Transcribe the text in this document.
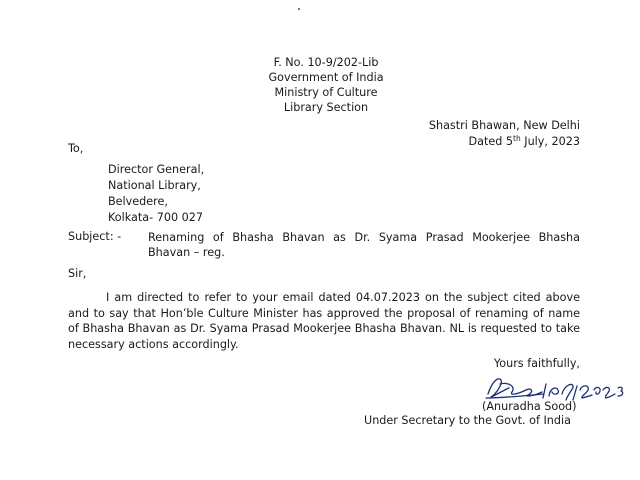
F. No. 10-9/202-Lib
Government of India
Ministry of Culture
Library Section
Shastri Bhawan, New Delhi
Dated 5th July, 2023
To,
Director General,
National Library,
Belvedere,
Kolkata- 700 027
Subject: - Renaming of Bhasha Bhavan as Dr. Syama Prasad Mookerjee Bhasha Bhavan – reg.
Sir,
I am directed to refer to your email dated 04.07.2023 on the subject cited above and to say that Hon’ble Culture Minister has approved the proposal of renaming of name of Bhasha Bhavan as Dr. Syama Prasad Mookerjee Bhasha Bhavan. NL is requested to take necessary actions accordingly.
Yours faithfully,
(Anuradha Sood)
Under Secretary to the Govt. of India
